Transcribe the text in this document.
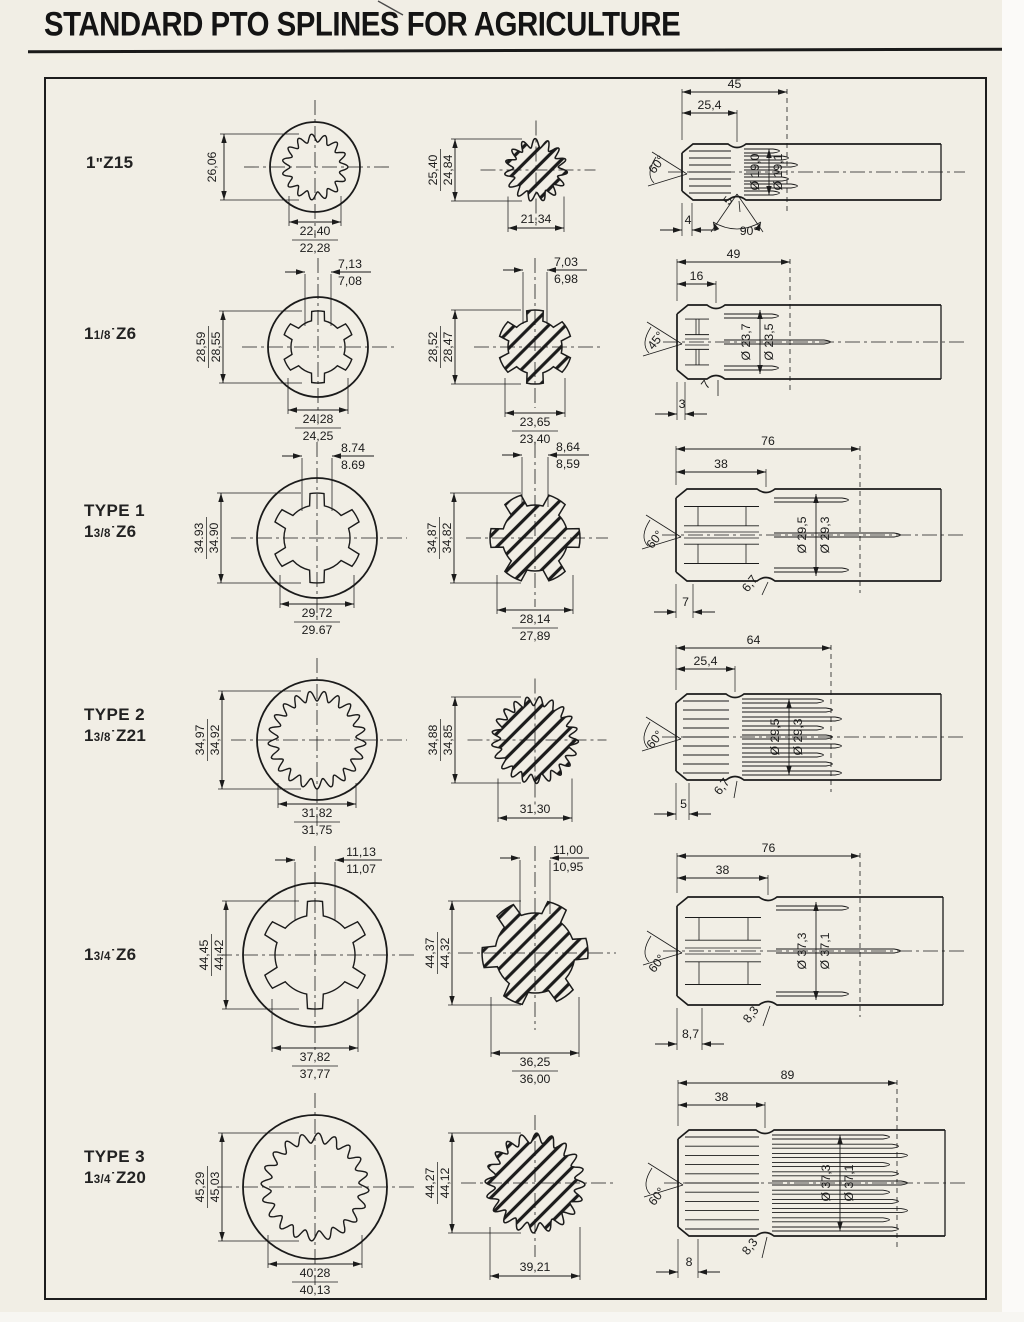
STANDARD PTO SPLINES FOR AGRICULTURE
1"Z15
11/8˙Z6
TYPE 1
13/8˙Z6
TYPE 2
13/8˙Z21
13/4˙Z6
TYPE 3
13/4˙Z20
26,06
22,40
22,28
25,40 24,84
21,34
45
25,4
Ø 19,0 Ø 19,1
60°
5
90°
4
28,59 28,55
24,28
24,25
7,13
7,08
28,52 28,47
23,65
23,40
7,03
6,98
49
16
Ø 23,7 Ø 23,5
45°
7
3
34.93 34.90
29.72
29.67
8.74
8.69
34,87 34,82
28,14
27,89
8,64
8,59
76
38
Ø 29,5 Ø 29,3
60°
6,7
7
34,97 34,92
31,82
31,75
34,88 34,85
31,30
64
25,4
Ø 29,5 Ø 29,3
60°
6,7
5
44,45 44,42
37,82
37,77
11,13
11,07
44,37 44,32
36,25
36,00
11,00
10,95
76
38
Ø 37,3 Ø 37,1
60°
8,3
8,7
45,29 45,03
40,28
40,13
44,27 44,12
39,21
89
38
Ø 37,3 Ø 37,1
60°
8,3
8
